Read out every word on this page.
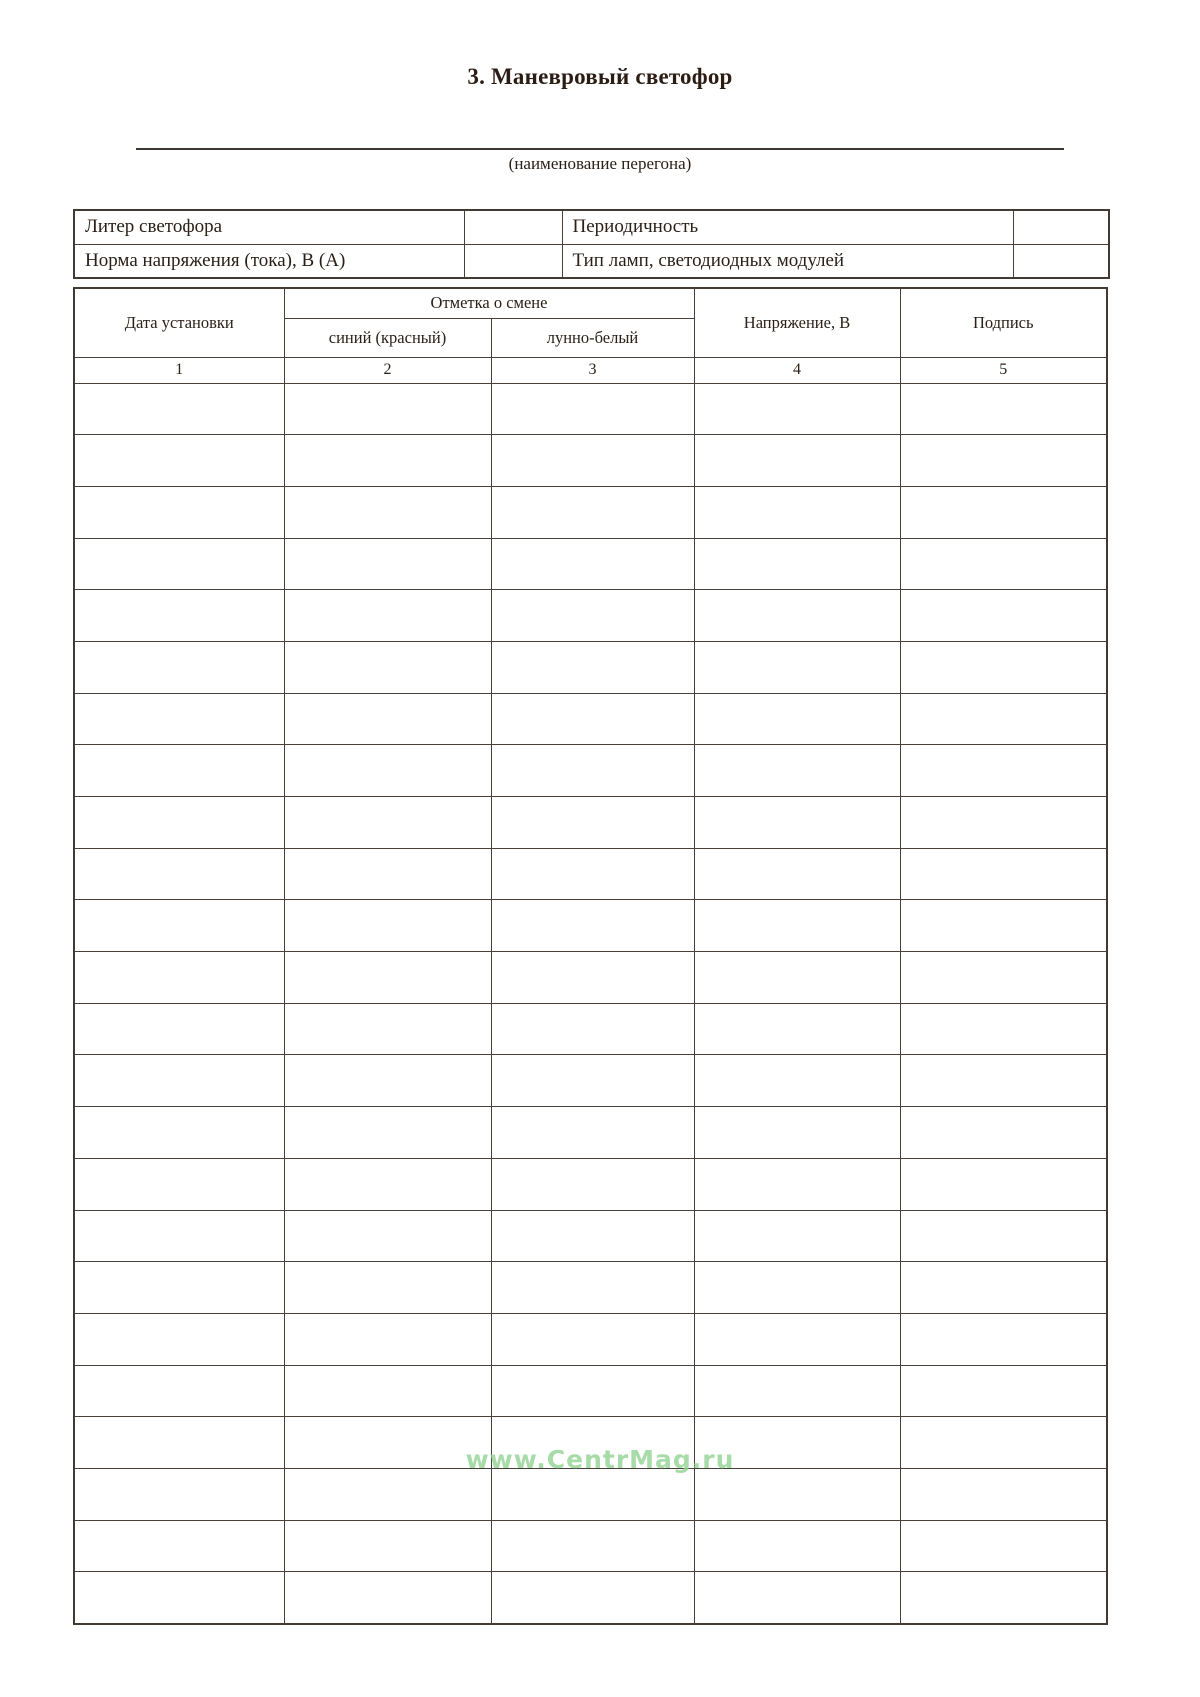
3. Маневровый светофор
(наименование перегона)
Литер светофора		Периодичность	
Норма напряжения (тока), В (А)		Тип ламп, светодиодных модулей	
Дата установки	Отметка о смене		Напряжение, В	Подпись
	синий (красный)	лунно-белый		
1	2	3	4	5

www.CentrMag.ru
